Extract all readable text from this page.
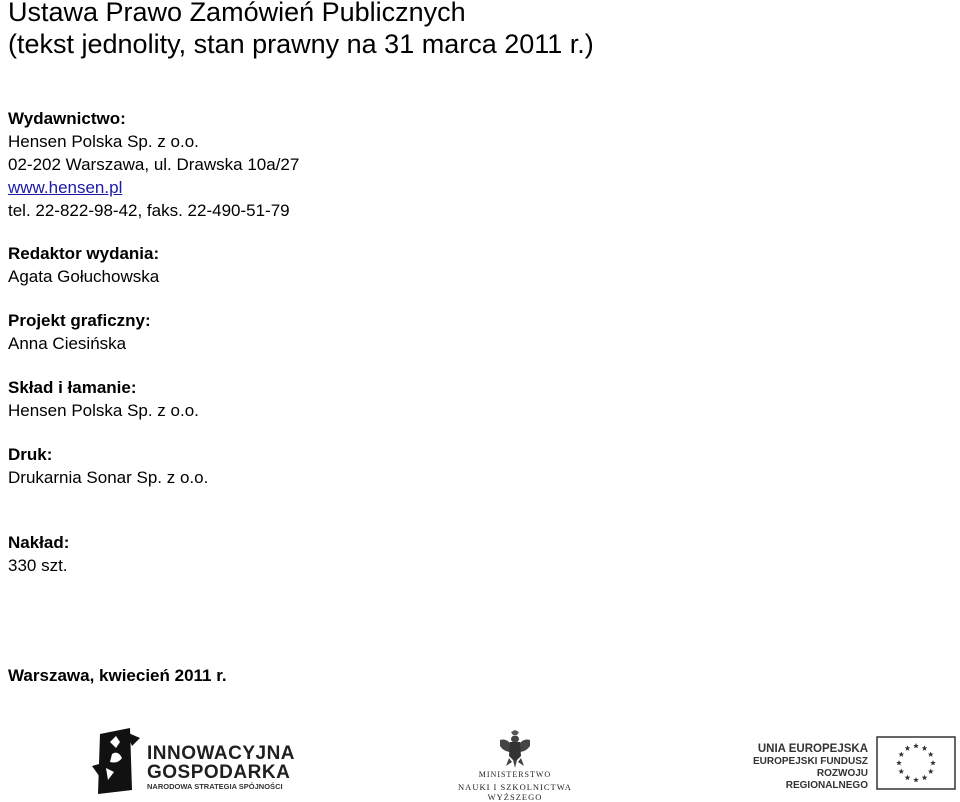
Ustawa Prawo Zamówień Publicznych
(tekst jednolity, stan prawny na 31 marca 2011 r.)
Wydawnictwo:
Hensen Polska Sp. z o.o.
02-202 Warszawa, ul. Drawska 10a/27
www.hensen.pl
tel. 22-822-98-42, faks. 22-490-51-79
Redaktor wydania:
Agata Gołuchowska
Projekt graficzny:
Anna Ciesińska
Skład i łamanie:
Hensen Polska Sp. z o.o.
Druk:
Drukarnia Sonar Sp. z o.o.
Nakład:
330 szt.
Warszawa, kwiecień 2011 r.
INNOWACYJNA
GOSPODARKA
NARODOWA STRATEGIA SPÓJNOŚCI
MINISTERSTWO
NAUKI I SZKOLNICTWA WYŻSZEGO
UNIA EUROPEJSKA
EUROPEJSKI FUNDUSZ
ROZWOJU REGIONALNEGO
